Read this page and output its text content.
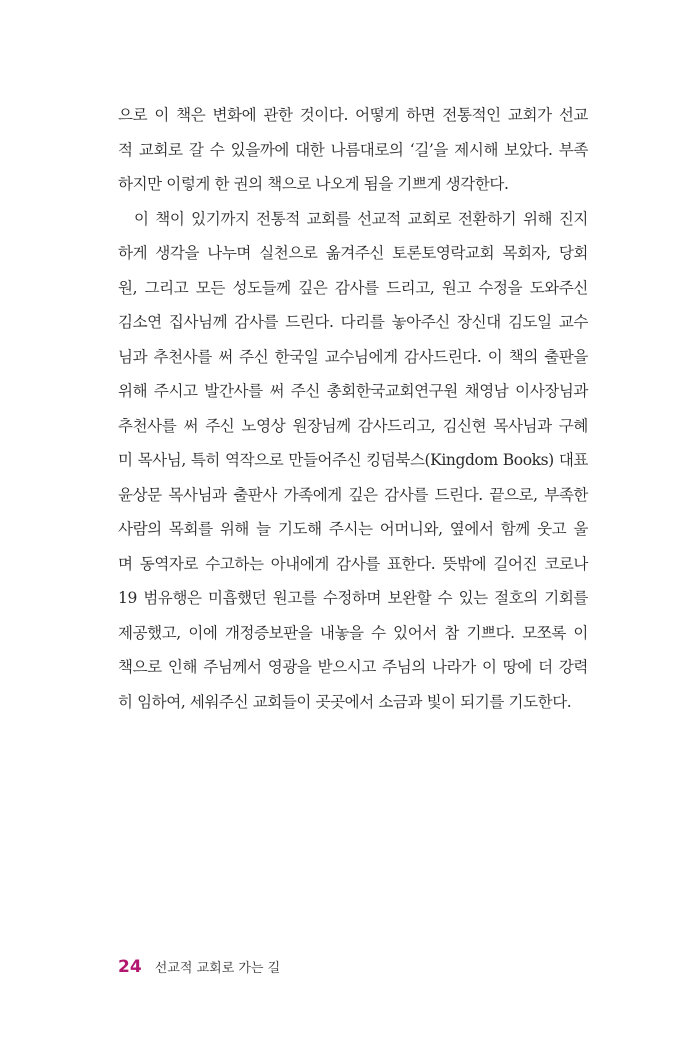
으로 이 책은 변화에 관한 것이다. 어떻게 하면 전통적인 교회가 선교
적 교회로 갈 수 있을까에 대한 나름대로의 ‘길’을 제시해 보았다. 부족
하지만 이렇게 한 권의 책으로 나오게 됨을 기쁘게 생각한다.
이 책이 있기까지 전통적 교회를 선교적 교회로 전환하기 위해 진지
하게 생각을 나누며 실천으로 옮겨주신 토론토영락교회 목회자, 당회
원, 그리고 모든 성도들께 깊은 감사를 드리고, 원고 수정을 도와주신
김소연 집사님께 감사를 드린다. 다리를 놓아주신 장신대 김도일 교수
님과 추천사를 써 주신 한국일 교수님에게 감사드린다. 이 책의 출판을
위해 주시고 발간사를 써 주신 총회한국교회연구원 채영남 이사장님과
추천사를 써 주신 노영상 원장님께 감사드리고, 김신현 목사님과 구혜
미 목사님, 특히 역작으로 만들어주신 킹덤북스(Kingdom Books) 대표
윤상문 목사님과 출판사 가족에게 깊은 감사를 드린다. 끝으로, 부족한
사람의 목회를 위해 늘 기도해 주시는 어머니와, 옆에서 함께 웃고 울
며 동역자로 수고하는 아내에게 감사를 표한다. 뜻밖에 길어진 코로나
19 범유행은 미흡했던 원고를 수정하며 보완할 수 있는 절호의 기회를
제공했고, 이에 개정증보판을 내놓을 수 있어서 참 기쁘다. 모쪼록 이
책으로 인해 주님께서 영광을 받으시고 주님의 나라가 이 땅에 더 강력
히 임하여, 세워주신 교회들이 곳곳에서 소금과 빛이 되기를 기도한다.
24 선교적 교회로 가는 길
